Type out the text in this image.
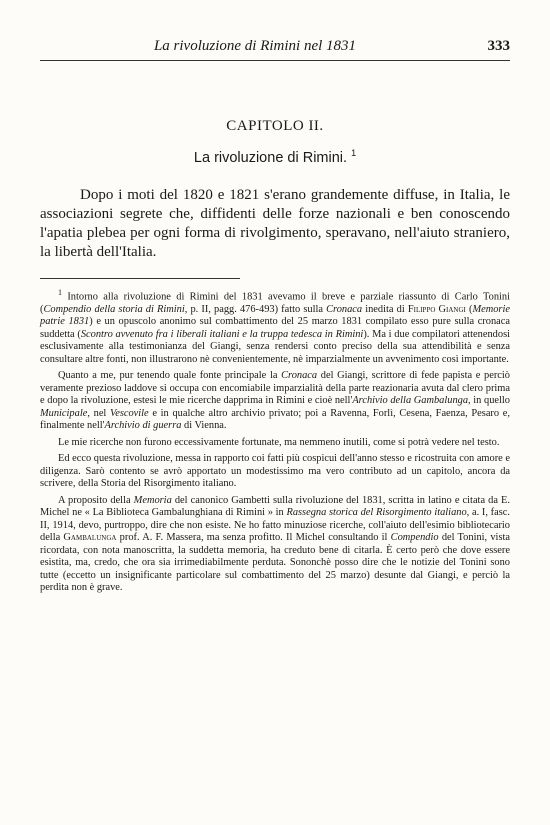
La rivoluzione di Rimini nel 1831	333
CAPITOLO II.
La rivoluzione di Rimini. $^1$

Dopo i moti del 1820 e 1821 s'erano grandemente diffuse, in Italia, le associazioni segrete che, diffidenti delle forze nazionali e ben conoscendo l'apatia plebea per ogni forma di rivolgimento, speravano, nell'aiuto straniero, la libertà dell'Italia.

$^1$ Intorno alla rivoluzione di Rimini del 1831 avevamo il breve e parziale riassunto di Carlo Tonini (Compendio della storia di Rimini, p. II, pagg. 476-493) fatto sulla Cronaca inedita di Filippo Giangi (Memorie patrie 1831) e un opuscolo anonimo sul combattimento del 25 marzo 1831 compilato esso pure sulla cronaca suddetta (Scontro avvenuto fra i liberali italiani e la truppa tedesca in Rimini). Ma i due compilatori attenendosi esclusivamente alla testimonianza del Giangi, senza rendersi conto preciso della sua attendibilità e senza consultare altre fonti, non illustrarono nè convenientemente, nè imparzialmente un avvenimento così importante.

Quanto a me, pur tenendo quale fonte principale la Cronaca del Giangi, scrittore di fede papista e perciò veramente prezioso laddove si occupa con encomiabile imparzialità della parte reazionaria avuta dal clero prima e dopo la rivoluzione, estesi le mie ricerche dapprima in Rimini e cioè nell'Archivio della Gambalunga, in quello Municipale, nel Vescovile e in qualche altro archivio privato; poi a Ravenna, Forlì, Cesena, Faenza, Pesaro e, finalmente nell'Archivio di guerra di Vienna.

Le mie ricerche non furono eccessivamente fortunate, ma nemmeno inutili, come si potrà vedere nel testo.

Ed ecco questa rivoluzione, messa in rapporto coi fatti più cospicui dell'anno stesso e ricostruita con amore e diligenza. Sarò contento se avrò apportato un modestissimo ma vero contributo ad un capitolo, ancora da scrivere, della Storia del Risorgimento italiano.

A proposito della Memoria del canonico Gambetti sulla rivoluzione del 1831, scritta in latino e citata da E. Michel ne « La Biblioteca Gambalunghiana di Rimini » in Rassegna storica del Risorgimento italiano, a. I, fasc. II, 1914, devo, purtroppo, dire che non esiste. Ne ho fatto minuziose ricerche, coll'aiuto dell'esimio bibliotecario della Gambalunga prof. A. F. Massera, ma senza profitto. Il Michel consultando il Compendio del Tonini, vista ricordata, con nota manoscritta, la suddetta memoria, ha creduto bene di citarla. È certo però che dove essere esistita, ma, credo, che ora sia irrimediabilmente perduta. Sononchè posso dire che le notizie del Tonini sono tutte (eccetto un insignificante particolare sul combattimento del 25 marzo) desunte dal Giangi, e perciò la perdita non è grave.
